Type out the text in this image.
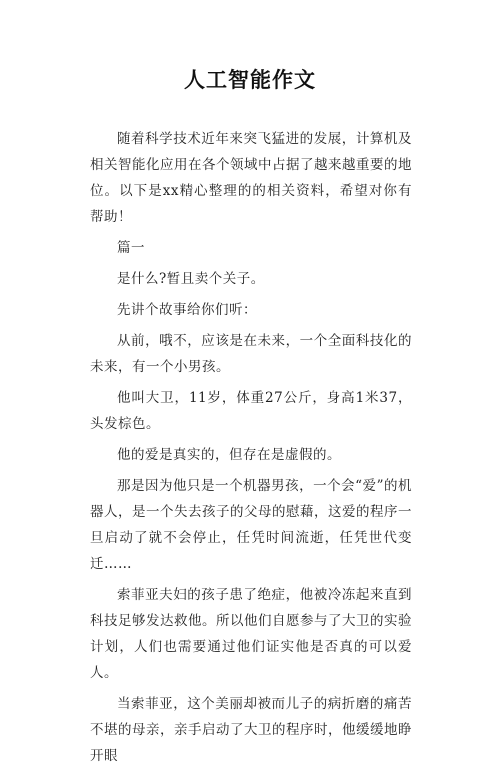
人工智能作文

随着科学技术近年来突飞猛进的发展，计算机及相关智能化应用在各个领域中占据了越来越重要的地位。以下是xx精心整理的的相关资料，希望对你有帮助！

篇一

是什么?暂且卖个关子。

先讲个故事给你们听：

从前，哦不，应该是在未来，一个全面科技化的未来，有一个小男孩。

他叫大卫，11岁，体重27公斤，身高1米37，头发棕色。

他的爱是真实的，但存在是虚假的。

那是因为他只是一个机器男孩，一个会“爱”的机器人，是一个失去孩子的父母的慰藉，这爱的程序一旦启动了就不会停止，任凭时间流逝，任凭世代变迁……

索菲亚夫妇的孩子患了绝症，他被冷冻起来直到科技足够发达救他。所以他们自愿参与了大卫的实验计划，人们也需要通过他们证实他是否真的可以爱人。

当索菲亚，这个美丽却被而儿子的病折磨的痛苦不堪的母亲，亲手启动了大卫的程序时，他缓缓地睁开眼
